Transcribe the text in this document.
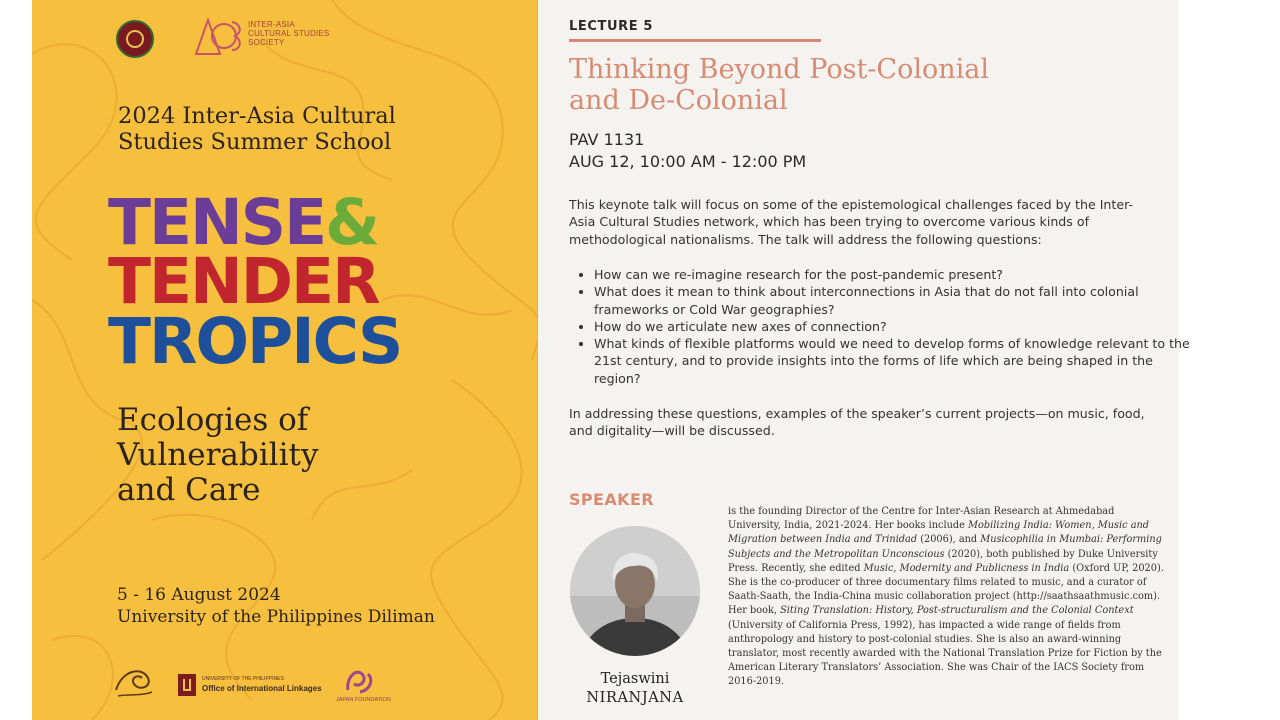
INTER-ASIA
CULTURAL STUDIES
SOCIETY
2024 Inter-Asia Cultural
Studies Summer School
TENSE&
TENDER
TROPICS
Ecologies of
Vulnerability
and Care
5 - 16 August 2024
University of the Philippines Diliman
UNIVERSITY OF THE PHILIPPINES
Office of International Linkages
JAPAN FOUNDATION
LECTURE 5
Thinking Beyond Post-Colonial
and De-Colonial
PAV 1131
AUG 12, 10:00 AM - 12:00 PM
This keynote talk will focus on some of the epistemological challenges faced by the Inter-Asia Cultural Studies network, which has been trying to overcome various kinds of methodological nationalisms. The talk will address the following questions:
• How can we re-imagine research for the post-pandemic present?
• What does it mean to think about interconnections in Asia that do not fall into colonial frameworks or Cold War geographies?
• How do we articulate new axes of connection?
• What kinds of flexible platforms would we need to develop forms of knowledge relevant to the 21st century, and to provide insights into the forms of life which are being shaped in the region?
In addressing these questions, examples of the speaker’s current projects—on music, food, and digitality—will be discussed.
SPEAKER
Tejaswini
NIRANJANA
is the founding Director of the Centre for Inter-Asian Research at Ahmedabad University, India, 2021-2024. Her books include Mobilizing India: Women, Music and Migration between India and Trinidad (2006), and Musicophilia in Mumbai: Performing Subjects and the Metropolitan Unconscious (2020), both published by Duke University Press. Recently, she edited Music, Modernity and Publicness in India (Oxford UP, 2020). She is the co-producer of three documentary films related to music, and a curator of Saath-Saath, the India-China music collaboration project (http://saathsaathmusic.com). Her book, Siting Translation: History, Post-structuralism and the Colonial Context (University of California Press, 1992), has impacted a wide range of fields from anthropology and history to post-colonial studies. She is also an award-winning translator, most recently awarded with the National Translation Prize for Fiction by the American Literary Translators’ Association. She was Chair of the IACS Society from 2016-2019.
